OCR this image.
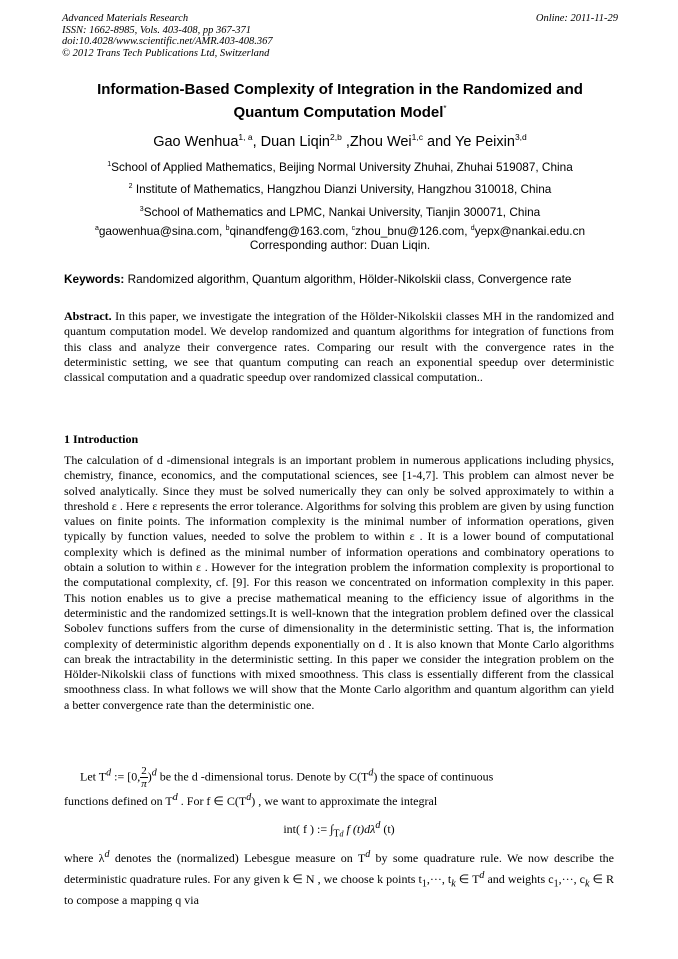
Advanced Materials Research
ISSN: 1662-8985, Vols. 403-408, pp 367-371
doi:10.4028/www.scientific.net/AMR.403-408.367
© 2012 Trans Tech Publications Ltd, Switzerland
Online: 2011-11-29
Information-Based Complexity of Integration in the Randomized and
Quantum Computation Model*
Gao Wenhua$^{1, a}$, Duan Liqin$^{2,b}$ ,Zhou Wei$^{1,c}$ and Ye Peixin$^{3,d}$
$^1$School of Applied Mathematics, Beijing Normal University Zhuhai, Zhuhai 519087, China
$^2$ Institute of Mathematics, Hangzhou Dianzi University, Hangzhou 310018, China
$^3$School of Mathematics and LPMC, Nankai University, Tianjin 300071, China
$^a$gaowenhua@sina.com, $^b$qinandfeng@163.com, $^c$zhou_bnu@126.com, $^d$yepx@nankai.edu.cn
Corresponding author: Duan Liqin.
Keywords: Randomized algorithm, Quantum algorithm, Hölder-Nikolskii class, Convergence rate
Abstract. In this paper, we investigate the integration of the Hölder-Nikolskii classes MH in the randomized and quantum computation model. We develop randomized and quantum algorithms for integration of functions from this class and analyze their convergence rates. Comparing our result with the convergence rates in the deterministic setting, we see that quantum computing can reach an exponential speedup over deterministic classical computation and a quadratic speedup over randomized classical computation..
1 Introduction
The calculation of d -dimensional integrals is an important problem in numerous applications including physics, chemistry, finance, economics, and the computational sciences, see [1-4,7]. This problem can almost never be solved analytically. Since they must be solved numerically they can only be solved approximately to within a threshold ε . Here ε represents the error tolerance. Algorithms for solving this problem are given by using function values on finite points. The information complexity is the minimal number of information operations, given typically by function values, needed to solve the problem to within ε . It is a lower bound of computational complexity which is defined as the minimal number of information operations and combinatory operations to obtain a solution to within ε . However for the integration problem the information complexity is proportional to the computational complexity, cf. [9]. For this reason we concentrated on information complexity in this paper. This notion enables us to give a precise mathematical meaning to the efficiency issue of algorithms in the deterministic and the randomized settings.It is well-known that the integration problem defined over the classical Sobolev functions suffers from the curse of dimensionality in the deterministic setting. That is, the information complexity of deterministic algorithm depends exponentially on d . It is also known that Monte Carlo algorithms can break the intractability in the deterministic setting. In this paper we consider the integration problem on the Hölder-Nikolskii class of functions with mixed smoothness. This class is essentially different from the classical smoothness class. In what follows we will show that the Monte Carlo algorithm and quantum algorithm can yield a better convergence rate than the deterministic one.
Let $T^d$ := [0, $\frac{2}{\pi} )^d$ be the d -dimensional torus. Denote by $C(T^d)$ the space of continuous
functions defined on $T^d$ . For f ∈ $C(T^d)$ , we want to approximate the integral
int( f ) := $\int_{Td}$ f $(t)d\lambda^d$ (t)
where $\lambda^d$ denotes the (normalized) Lebesgue measure on $T^d$ by some quadrature rule. We now describe the deterministic quadrature rules. For any given k ∈ N , we choose k points $t_1,\cdot\cdot\cdot$, $t_k$ ∈ $T^d$ and weights $c_1,\cdot\cdot\cdot$, $c_k$ ∈ R to compose a mapping q via
